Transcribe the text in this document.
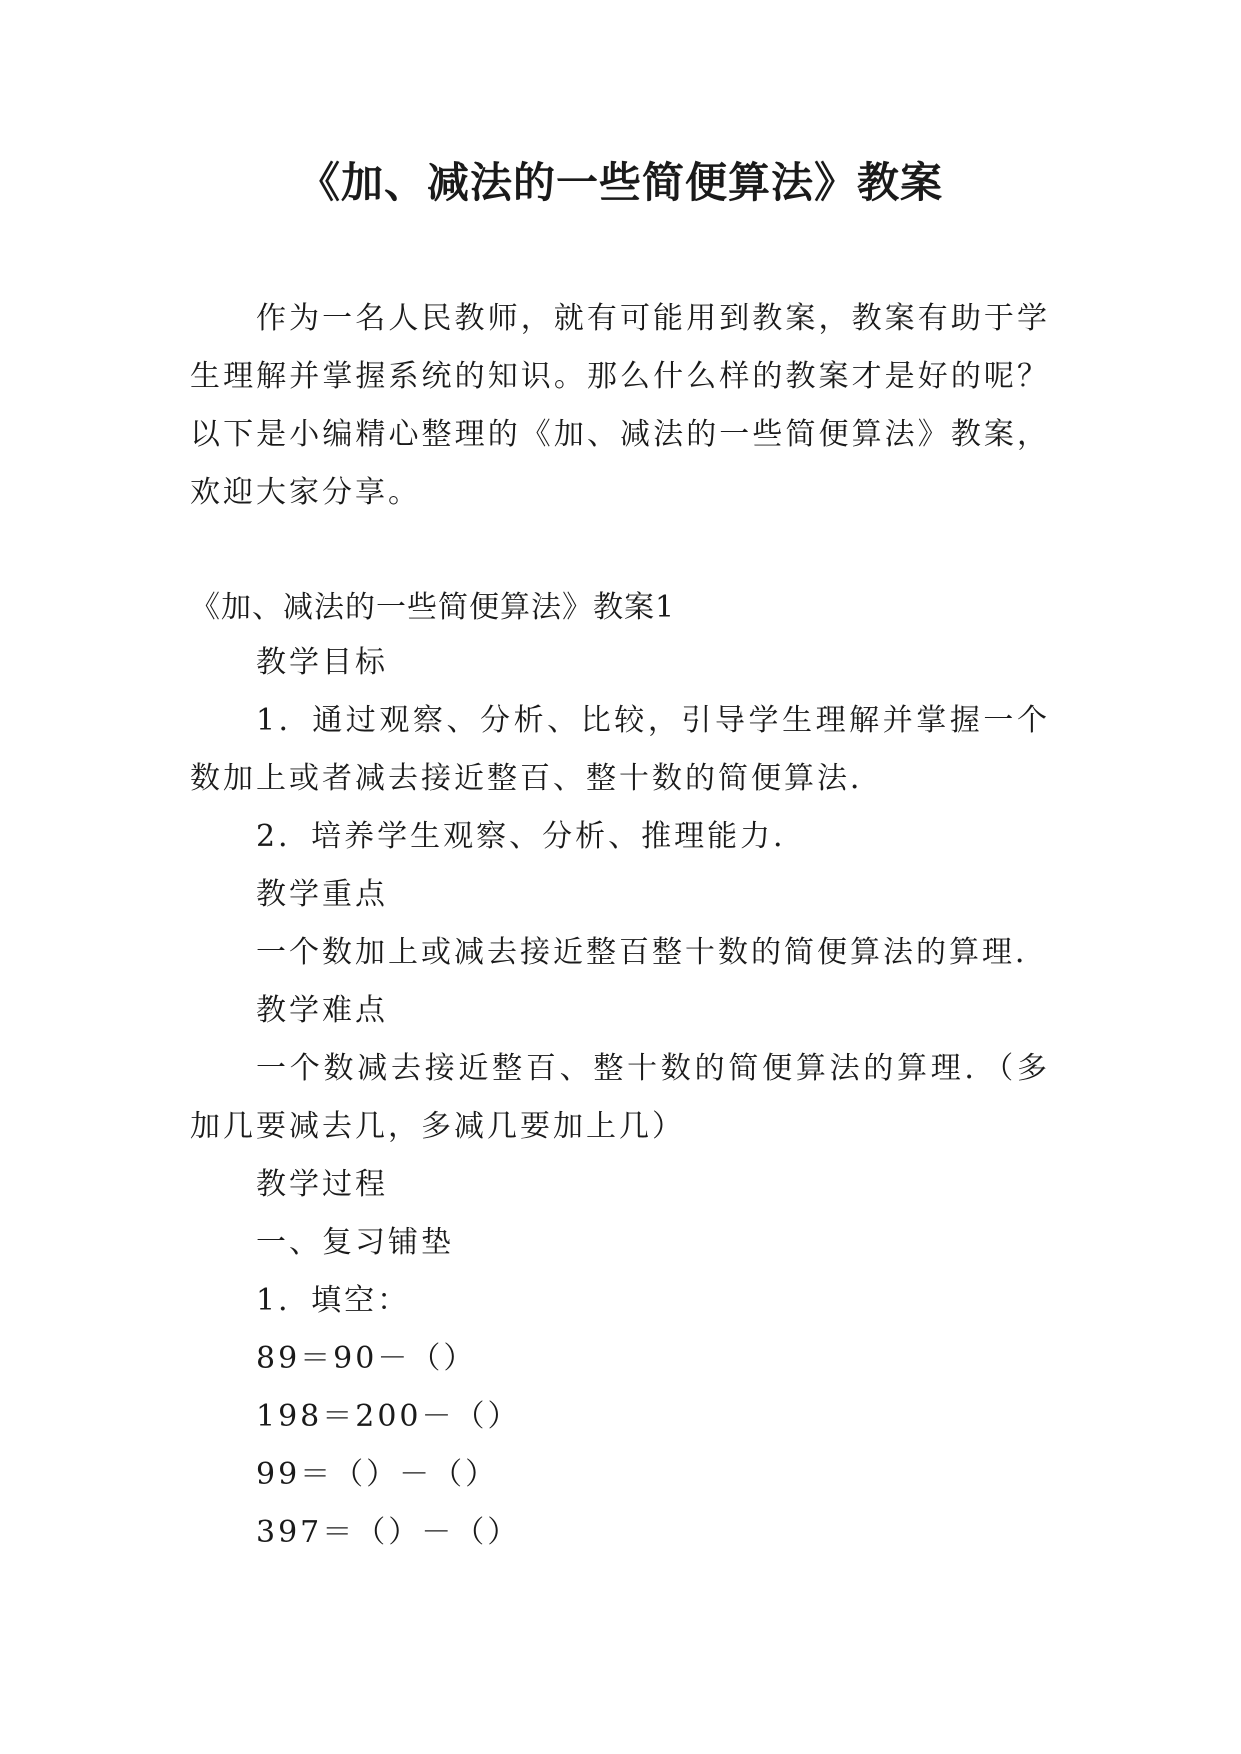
《加、减法的一些简便算法》教案

作为一名人民教师，就有可能用到教案，教案有助于学生理解并掌握系统的知识。那么什么样的教案才是好的呢？以下是小编精心整理的《加、减法的一些简便算法》教案，欢迎大家分享。

《加、减法的一些简便算法》教案1

教学目标

1．通过观察、分析、比较，引导学生理解并掌握一个数加上或者减去接近整百、整十数的简便算法．

2．培养学生观察、分析、推理能力．

教学重点

一个数加上或减去接近整百整十数的简便算法的算理．

教学难点

一个数减去接近整百、整十数的简便算法的算理．（多加几要减去几，多减几要加上几）

教学过程

一、复习铺垫

1．填空：

89＝90－（）

198＝200－（）

99＝（）－（）

397＝（）－（）
